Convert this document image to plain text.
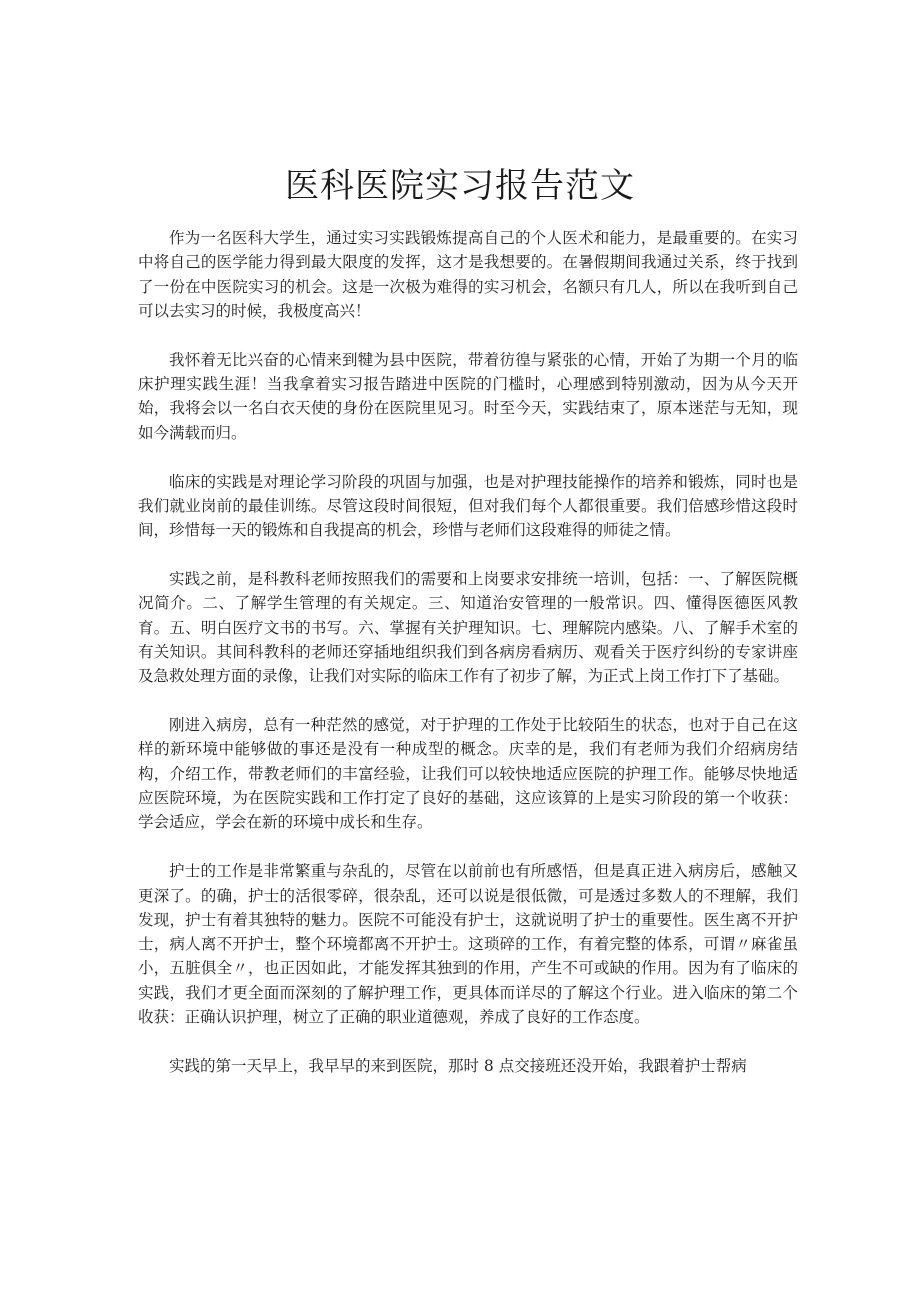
医科医院实习报告范文

作为一名医科大学生，通过实习实践锻炼提高自己的个人医术和能力，是最重要的。在实习中将自己的医学能力得到最大限度的发挥，这才是我想要的。在暑假期间我通过关系，终于找到了一份在中医院实习的机会。这是一次极为难得的实习机会，名额只有几人，所以在我听到自己可以去实习的时候，我极度高兴！

我怀着无比兴奋的心情来到犍为县中医院，带着彷徨与紧张的心情，开始了为期一个月的临床护理实践生涯！当我拿着实习报告踏进中医院的门槛时，心理感到特别激动，因为从今天开始，我将会以一名白衣天使的身份在医院里见习。时至今天，实践结束了，原本迷茫与无知，现如今满载而归。

临床的实践是对理论学习阶段的巩固与加强，也是对护理技能操作的培养和锻炼，同时也是我们就业岗前的最佳训练。尽管这段时间很短，但对我们每个人都很重要。我们倍感珍惜这段时间，珍惜每一天的锻炼和自我提高的机会，珍惜与老师们这段难得的师徒之情。

实践之前，是科教科老师按照我们的需要和上岗要求安排统一培训，包括：一、了解医院概况简介。二、了解学生管理的有关规定。三、知道治安管理的一般常识。四、懂得医德医风教育。五、明白医疗文书的书写。六、掌握有关护理知识。七、理解院内感染。八、了解手术室的有关知识。其间科教科的老师还穿插地组织我们到各病房看病历、观看关于医疗纠纷的专家讲座及急救处理方面的录像，让我们对实际的临床工作有了初步了解，为正式上岗工作打下了基础。

刚进入病房，总有一种茫然的感觉，对于护理的工作处于比较陌生的状态，也对于自己在这样的新环境中能够做的事还是没有一种成型的概念。庆幸的是，我们有老师为我们介绍病房结构，介绍工作，带教老师们的丰富经验，让我们可以较快地适应医院的护理工作。能够尽快地适应医院环境，为在医院实践和工作打定了良好的基础，这应该算的上是实习阶段的第一个收获：学会适应，学会在新的环境中成长和生存。

护士的工作是非常繁重与杂乱的，尽管在以前前也有所感悟，但是真正进入病房后，感触又更深了。的确，护士的活很零碎，很杂乱，还可以说是很低微，可是透过多数人的不理解，我们发现，护士有着其独特的魅力。医院不可能没有护士，这就说明了护士的重要性。医生离不开护士，病人离不开护士，整个环境都离不开护士。这琐碎的工作，有着完整的体系，可谓〃麻雀虽小，五脏俱全〃，也正因如此，才能发挥其独到的作用，产生不可或缺的作用。因为有了临床的实践，我们才更全面而深刻的了解护理工作，更具体而详尽的了解这个行业。进入临床的第二个收获：正确认识护理，树立了正确的职业道德观，养成了良好的工作态度。

实践的第一天早上，我早早的来到医院，那时 8 点交接班还没开始，我跟着护士帮病
